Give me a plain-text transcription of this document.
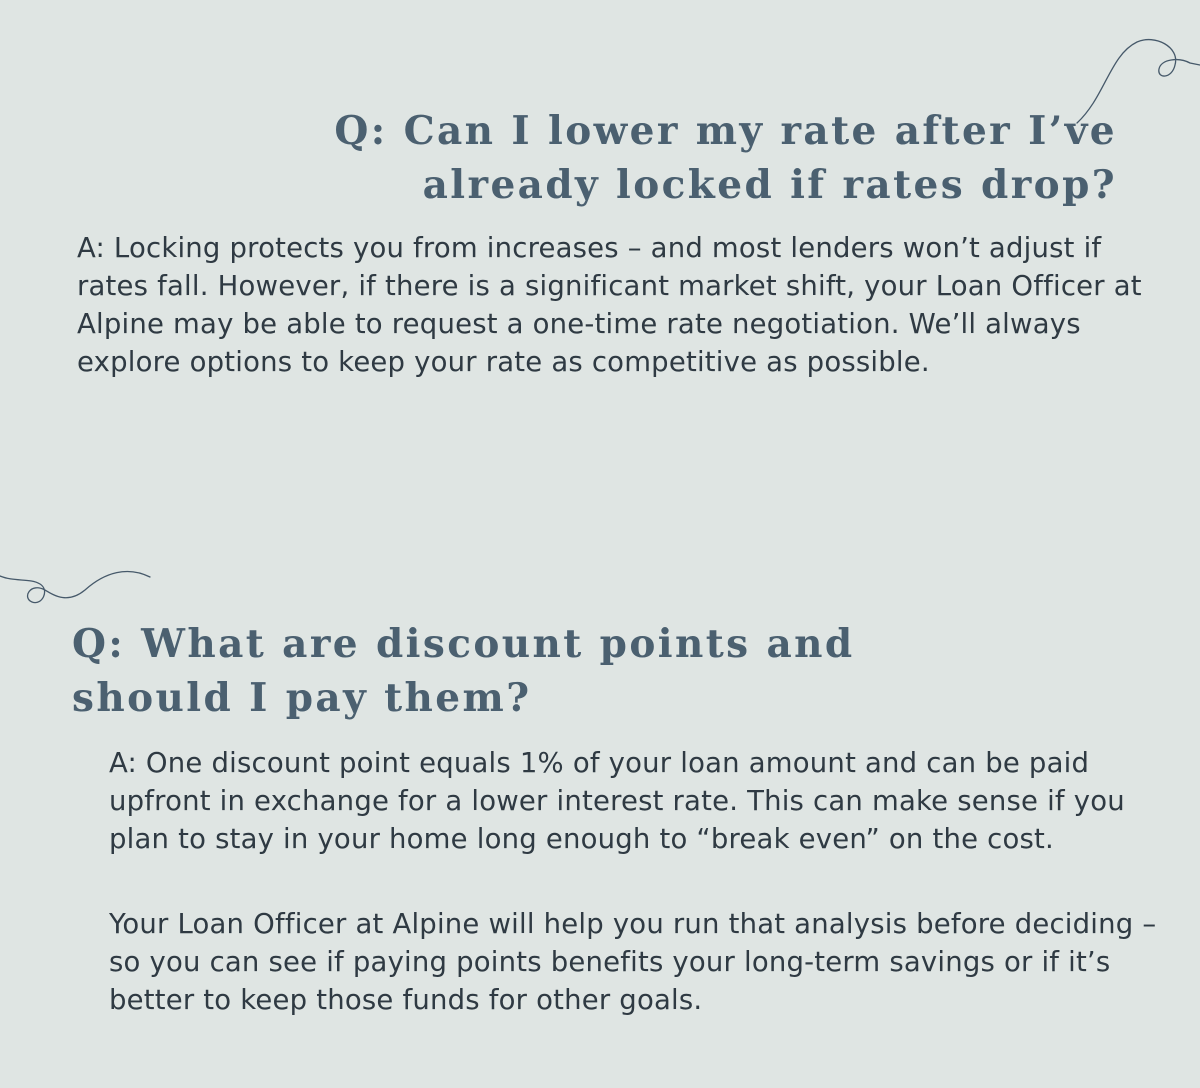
Q: Can I lower my rate after I’ve already locked if rates drop?

A: Locking protects you from increases – and most lenders won’t adjust if rates fall. However, if there is a significant market shift, your Loan Officer at Alpine may be able to request a one-time rate negotiation. We’ll always explore options to keep your rate as competitive as possible.

Q: What are discount points and should I pay them?

A: One discount point equals 1% of your loan amount and can be paid upfront in exchange for a lower interest rate. This can make sense if you plan to stay in your home long enough to “break even” on the cost.

Your Loan Officer at Alpine will help you run that analysis before deciding – so you can see if paying points benefits your long-term savings or if it’s better to keep those funds for other goals.
